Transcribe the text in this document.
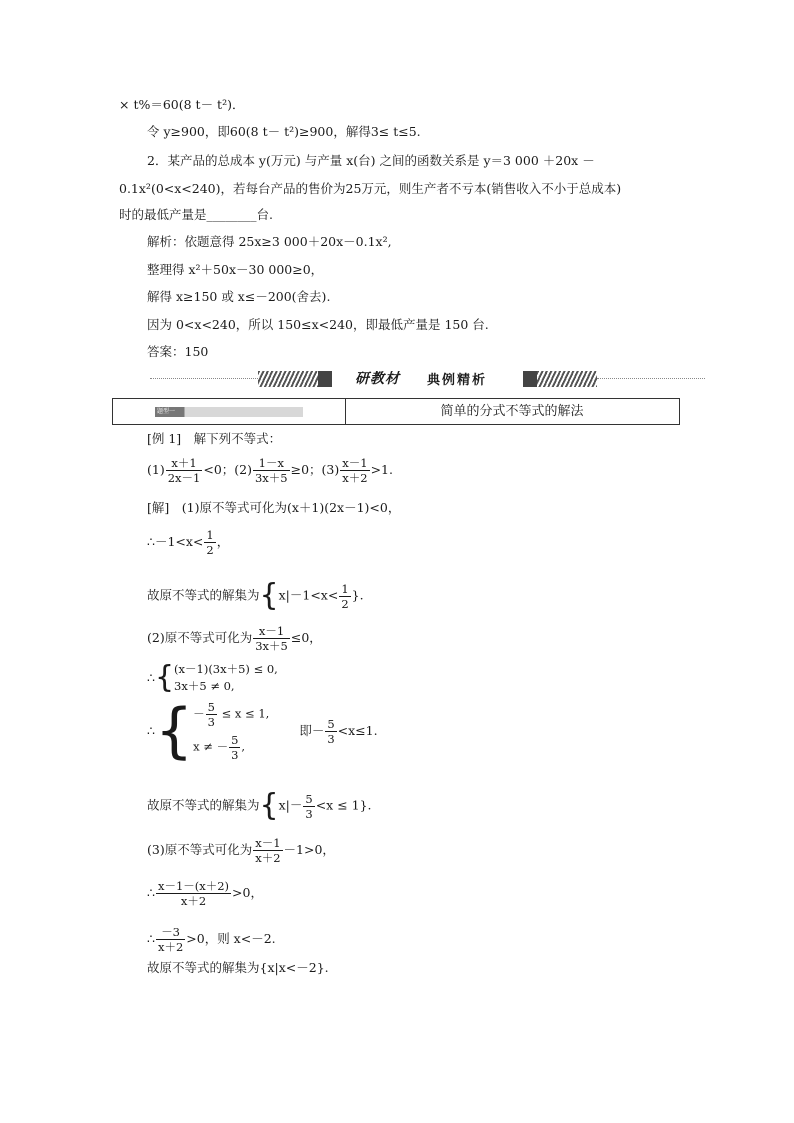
× t%＝60(8 t－ t²)．
令 y≥900，即60(8 t－ t²)≥900，解得3≤ t≤5.
2．某产品的总成本 y(万元) 与产量 x(台) 之间的函数关系是 y＝3 000 ＋20x －
0.1x²(0<x<240)，若每台产品的售价为25万元，则生产者不亏本(销售收入不小于总成本)
时的最低产量是________台.
解析：依题意得 25x≥3 000＋20x－0.1x²,
整理得 x²＋50x－30 000≥0，
解得 x≥150 或 x≤－200(舍去).
因为 0<x<240，所以 150≤x<240，即最低产量是 150 台.
答案：150
研教材 典例精析
题型一	简单的分式不等式的解法
[例 1]　解下列不等式：
$(1) \frac{x+1}{2x-1} <0$；$(2) \frac{1-x}{3x+5} \ge 0$；$(3) \frac{x-1}{x+2} >1$.
[解]　(1)原不等式可化为(x＋1)(2x－1)<0，
∴－1<x< $\frac{1}{2}$ ，
故原不等式的解集为{$x|-1<x< \frac{1}{2}$ }.
(2)原不等式可化为 $\frac{x-1}{3x+5} \le 0$，
∴{ (x－1)(3x＋5) ≤ 0,
3x＋5 ≠ 0,
∴{ － $\frac{5}{3} \le x \le 1$,
x ≠ － $\frac{5}{3}$ ,
即－ $\frac{5}{3} <x\le 1$.
故原不等式的解集为$\{x|- \frac{5}{3} <x \le 1\}$.
(3)原不等式可化为 $\frac{x-1}{x+2} -1>0$，
∴ $\frac{x-1-(x+2)}{x+2} >0$，
∴ $\frac{-3}{x+2} >0$，则 x<－2.
故原不等式的解集为{x|x<－2}.
